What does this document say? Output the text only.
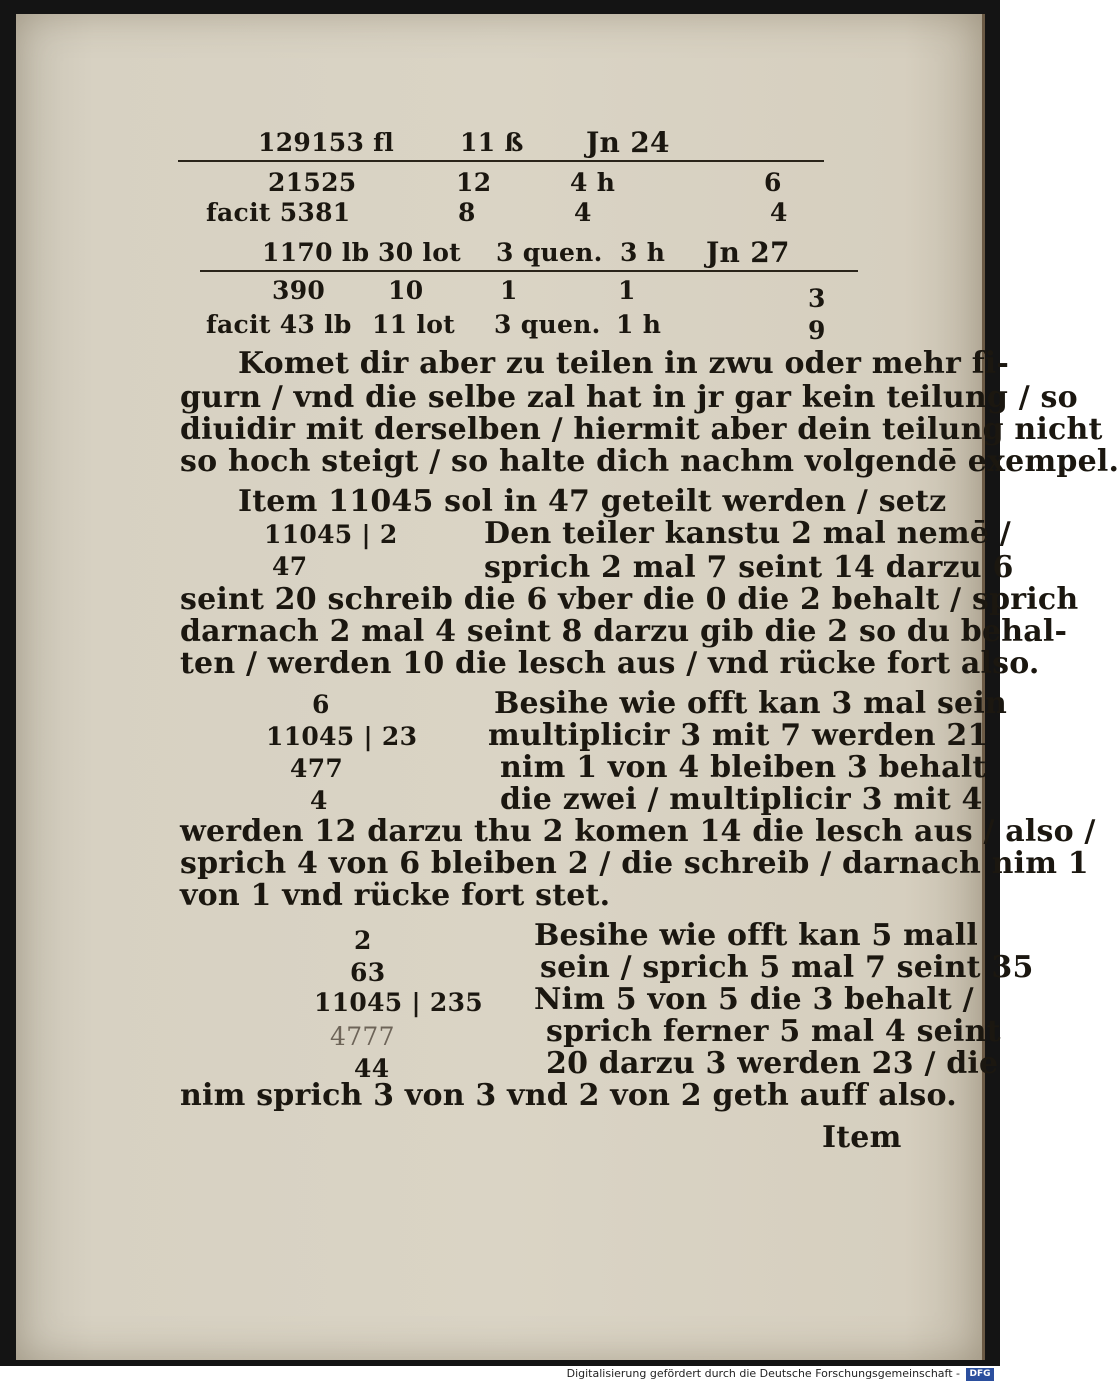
129153 fl	11 ß Jn 24
21525	12	4 h	6
facit 5381	8	4	4
1170 lb 30 lot 3 quen. 3 h Jn 27
390	10	1	1	3
facit 43 lb 11 lot 3 quen. 1 h	9
Komet dir aber zu teilen in zwu oder mehr fi-
gurn / vnd die selbe zal hat in jr gar kein teilung / so
diuidir mit derselben / hiermit aber dein teilung nicht
so hoch steigt / so halte dich nachm volgendē exempel.
Item 11045 sol in 47 geteilt werden / setz
11045 | 2
47
Den teiler kanstu 2 mal nemē /
sprich 2 mal 7 seint 14 darzu 6
seint 20 schreib die 6 vber die 0 die 2 behalt / sprich
darnach 2 mal 4 seint 8 darzu gib die 2 so du behal-
ten / werden 10 die lesch aus / vnd rücke fort also.
6
11045 | 23
477
4
Besihe wie offt kan 3 mal sein
multiplicir 3 mit 7 werden 21
nim 1 von 4 bleiben 3 behalt
die zwei / multiplicir 3 mit 4
werden 12 darzu thu 2 komen 14 die lesch aus / also /
sprich 4 von 6 bleiben 2 / die schreib / darnach nim 1
von 1 vnd rücke fort stet.
2
63
11045 | 235
4777
44
Besihe wie offt kan 5 mall
sein / sprich 5 mal 7 seint 35
Nim 5 von 5 die 3 behalt /
sprich ferner 5 mal 4 seint
20 darzu 3 werden 23 / die
nim sprich 3 von 3 vnd 2 von 2 geth auff also.
Item
Digitalisierung gefördert durch die Deutsche Forschungsgemeinschaft -	DFG
